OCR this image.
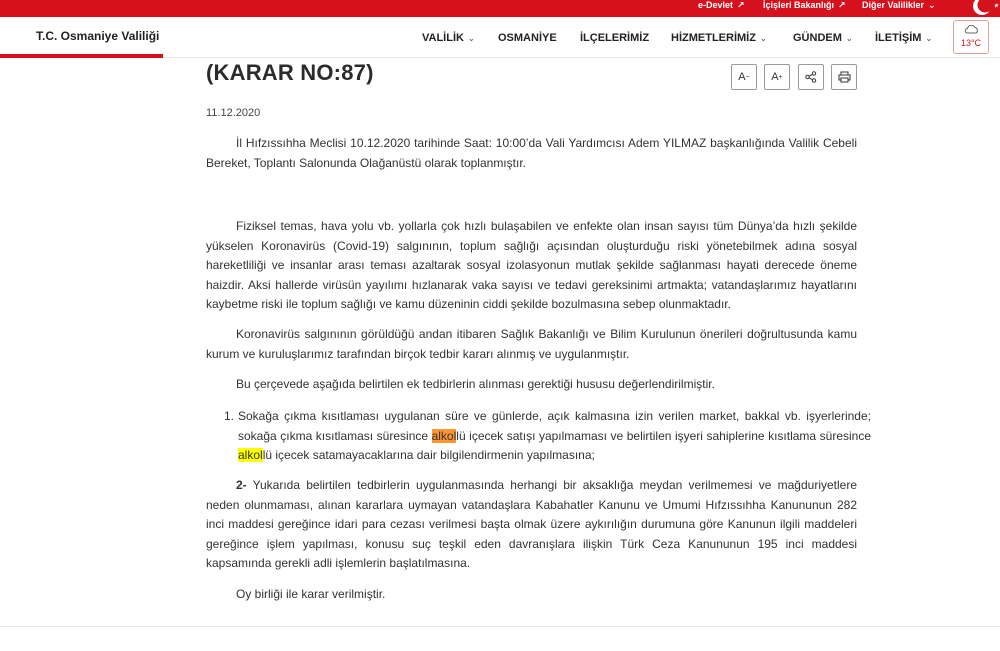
e-Devlet ↗ İçişleri Bakanlığı ↗ Diğer Valilikler ⌄
T.C. Osmaniye Valiliği	VALİLİK ⌄ OSMANİYE İLÇELERİMİZ HİZMETLERİMİZ ⌄ GÜNDEM ⌄ İLETİŞİM ⌄	13°C
(KARAR NO:87)	A − A +
11.12.2020

İl Hıfzıssıhha Meclisi 10.12.2020 tarihinde Saat: 10:00’da Vali Yardımcısı Adem YILMAZ başkanlığında Valilik Cebeli Bereket, Toplantı Salonunda Olağanüstü olarak toplanmıştır.

Fiziksel temas, hava yolu vb. yollarla çok hızlı bulaşabilen ve enfekte olan insan sayısı tüm Dünya’da hızlı şekilde yükselen Koronavirüs (Covid-19) salgınının, toplum sağlığı açısından oluşturduğu riski yönetebilmek adına sosyal hareketliliği ve insanlar arası teması azaltarak sosyal izolasyonun mutlak şekilde sağlanması hayati derecede öneme haizdir. Aksi hallerde virüsün yayılımı hızlanarak vaka sayısı ve tedavi gereksinimi artmakta; vatandaşlarımız hayatlarını kaybetme riski ile toplum sağlığı ve kamu düzeninin ciddi şekilde bozulmasına sebep olunmaktadır.

Koronavirüs salgınının görüldüğü andan itibaren Sağlık Bakanlığı ve Bilim Kurulunun önerileri doğrultusunda kamu kurum ve kuruluşlarımız tarafından birçok tedbir kararı alınmış ve uygulanmıştır.

Bu çerçevede aşağıda belirtilen ek tedbirlerin alınması gerektiği hususu değerlendirilmiştir.

1. Sokağa çıkma kısıtlaması uygulanan süre ve günlerde, açık kalmasına izin verilen market, bakkal vb. işyerlerinde; sokağa çıkma kısıtlaması süresince alkollü içecek satışı yapılmaması ve belirtilen işyeri sahiplerine kısıtlama süresince alkollü içecek satamayacaklarına dair bilgilendirmenin yapılmasına;

2- Yukarıda belirtilen tedbirlerin uygulanmasında herhangi bir aksaklığa meydan verilmemesi ve mağduriyetlere neden olunmaması, alınan kararlara uymayan vatandaşlara Kabahatler Kanunu ve Umumi Hıfzıssıhha Kanununun 282 inci maddesi gereğince idari para cezası verilmesi başta olmak üzere aykırılığın durumuna göre Kanunun ilgili maddeleri gereğince işlem yapılması, konusu suç teşkil eden davranışlara ilişkin Türk Ceza Kanununun 195 inci maddesi kapsamında gerekli adli işlemlerin başlatılmasına.

Oy birliği ile karar verilmiştir.
